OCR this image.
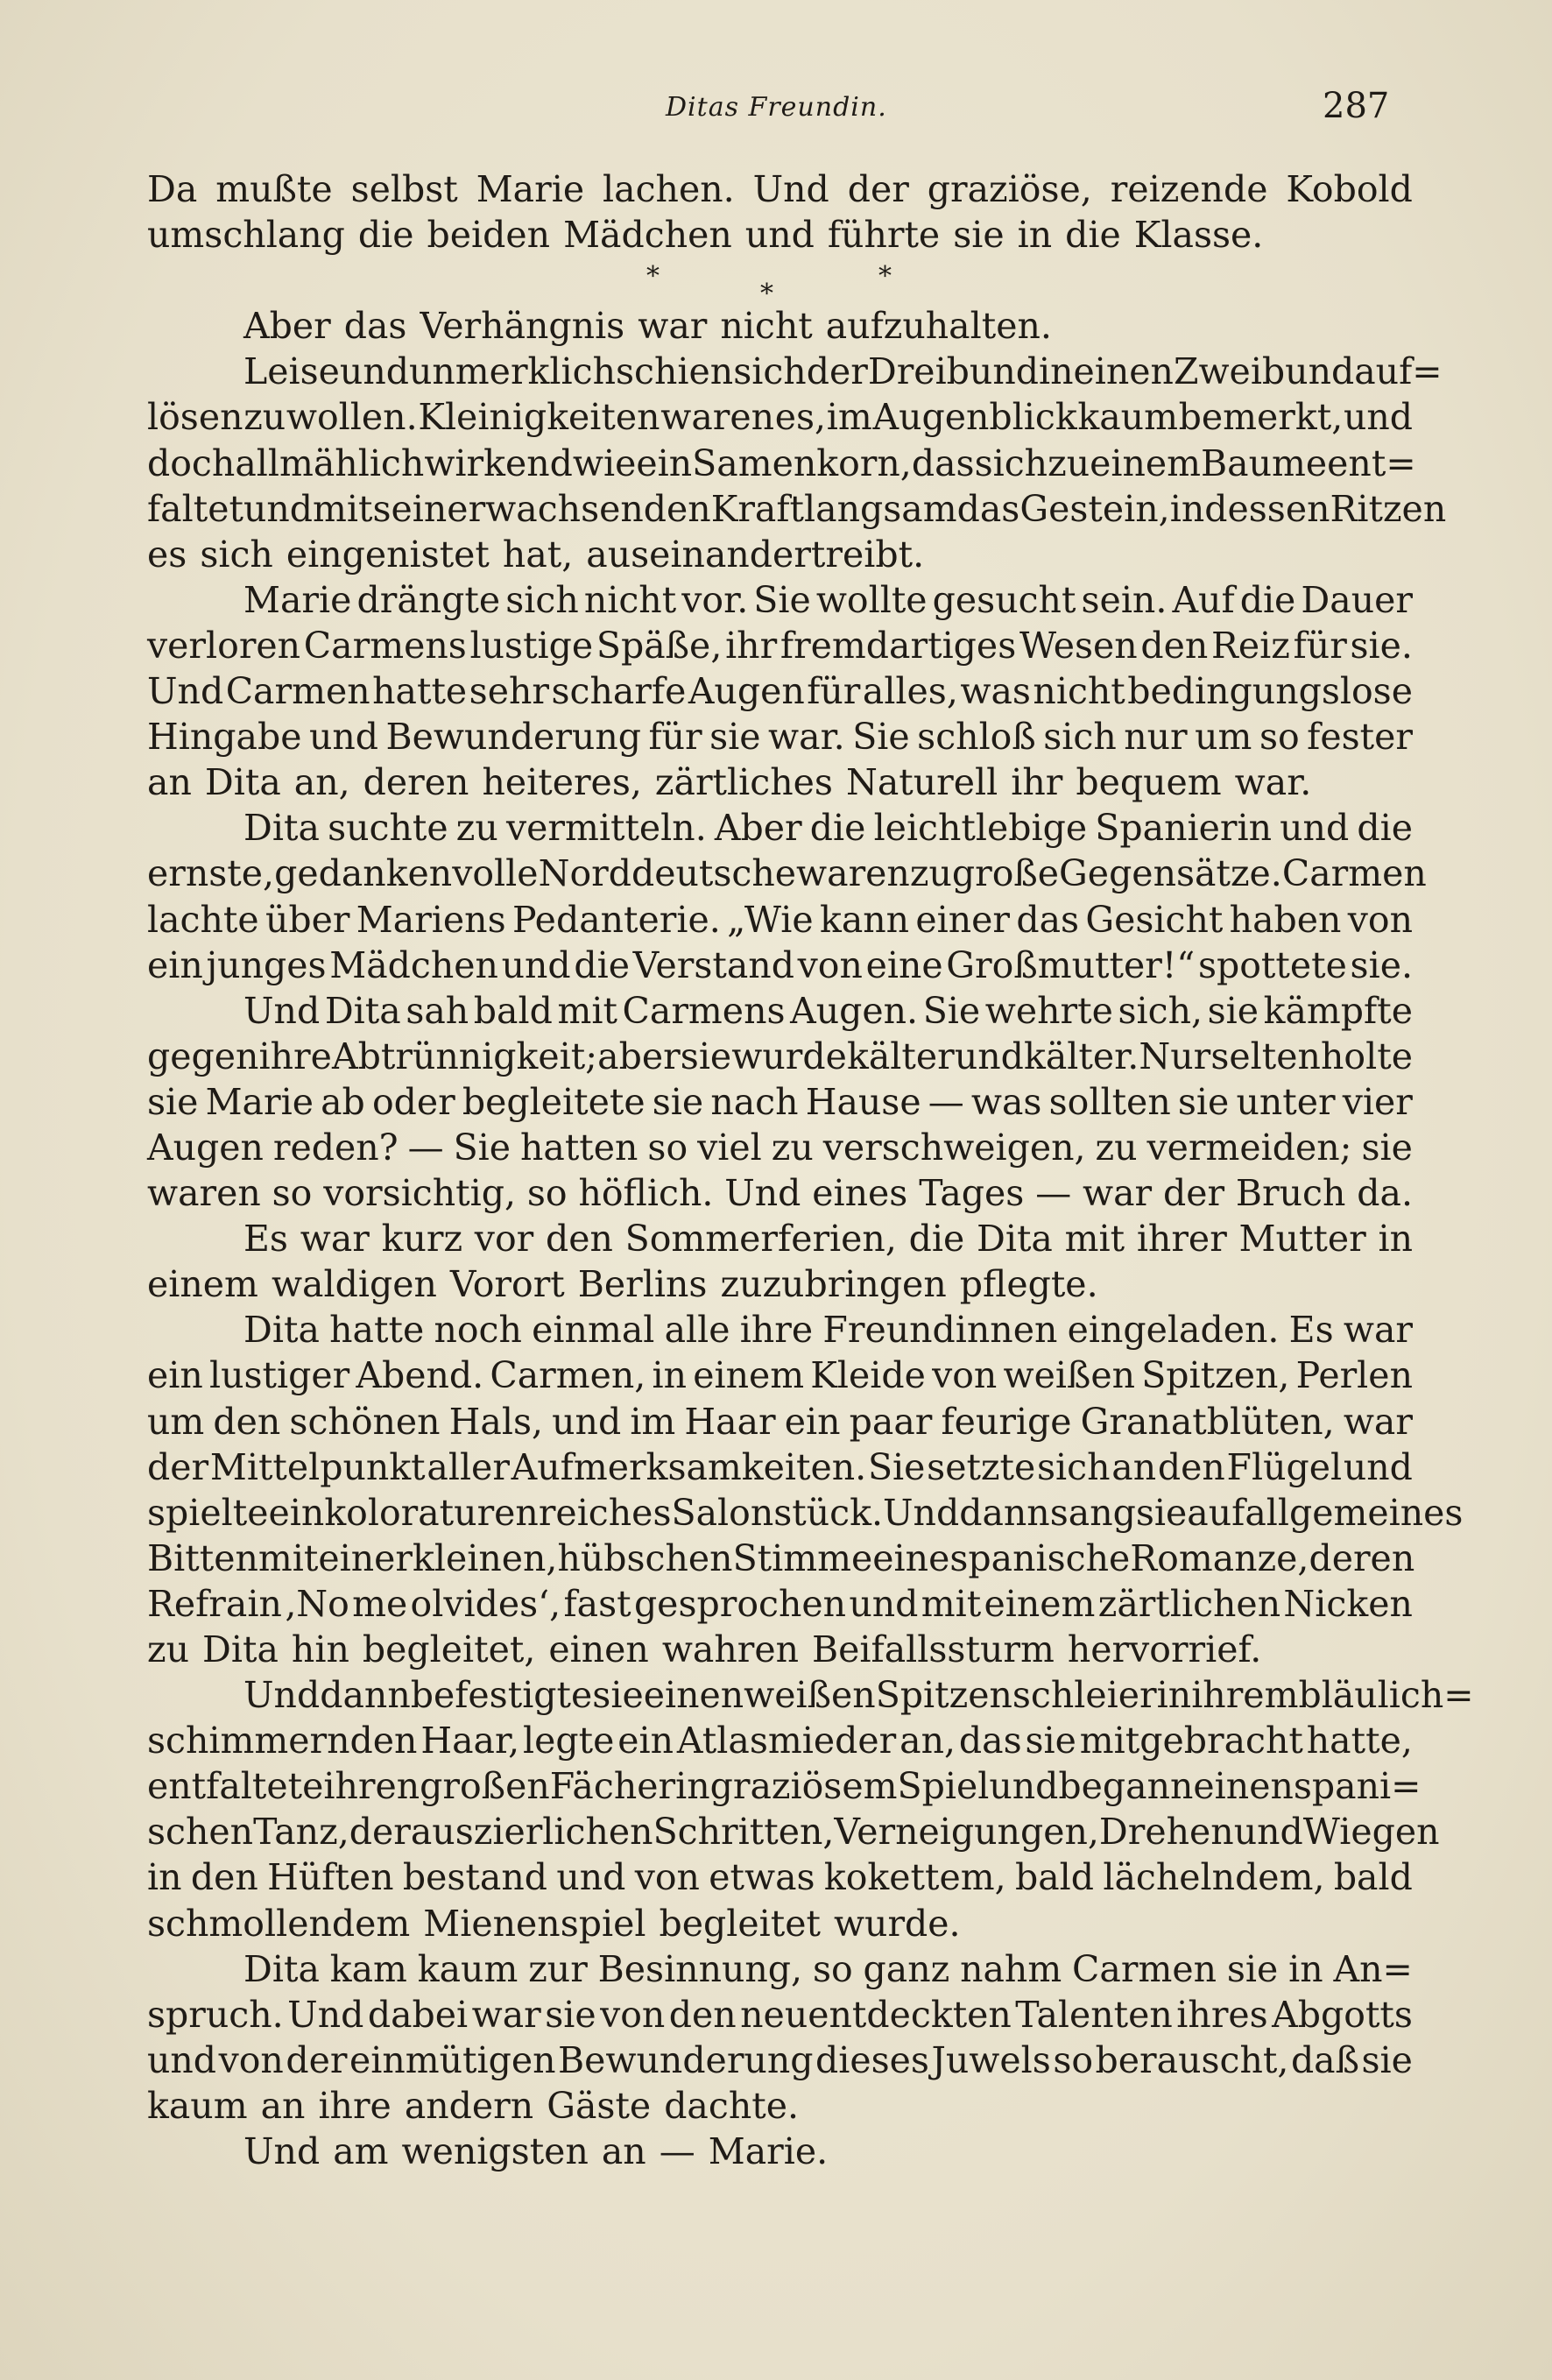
Ditas Freundin.	287
Da mußte selbst Marie lachen. Und der graziöse, reizende Kobold
umschlang die beiden Mädchen und führte sie in die Klasse.
*
*
*
Aber das Verhängnis war nicht aufzuhalten.
Leise und unmerklich schien sich der Dreibund in einen Zweibund auf=
lösen zu wollen. Kleinigkeiten waren es, im Augenblick kaum bemerkt, und
doch allmählich wirkend wie ein Samenkorn, das sich zu einem Baume ent=
faltet und mit seiner wachsenden Kraft langsam das Gestein, in dessen Ritzen
es sich eingenistet hat, auseinandertreibt.
Marie drängte sich nicht vor. Sie wollte gesucht sein. Auf die Dauer
verloren Carmens lustige Späße, ihr fremdartiges Wesen den Reiz für sie.
Und Carmen hatte sehr scharfe Augen für alles, was nicht bedingungslose
Hingabe und Bewunderung für sie war. Sie schloß sich nur um so fester
an Dita an, deren heiteres, zärtliches Naturell ihr bequem war.
Dita suchte zu vermitteln. Aber die leichtlebige Spanierin und die
ernste, gedankenvolle Norddeutsche waren zu große Gegensätze. Carmen
lachte über Mariens Pedanterie. „Wie kann einer das Gesicht haben von
ein junges Mädchen und die Verstand von eine Großmutter!“ spottete sie.
Und Dita sah bald mit Carmens Augen. Sie wehrte sich, sie kämpfte
gegen ihre Abtrünnigkeit; aber sie wurde kälter und kälter. Nur selten holte
sie Marie ab oder begleitete sie nach Hause — was sollten sie unter vier
Augen reden? — Sie hatten so viel zu verschweigen, zu vermeiden; sie
waren so vorsichtig, so höflich. Und eines Tages — war der Bruch da.
Es war kurz vor den Sommerferien, die Dita mit ihrer Mutter in
einem waldigen Vorort Berlins zuzubringen pflegte.
Dita hatte noch einmal alle ihre Freundinnen eingeladen. Es war
ein lustiger Abend. Carmen, in einem Kleide von weißen Spitzen, Perlen
um den schönen Hals, und im Haar ein paar feurige Granatblüten, war
der Mittelpunkt aller Aufmerksamkeiten. Sie setzte sich an den Flügel und
spielte ein koloraturenreiches Salonstück. Und dann sang sie auf allgemeines
Bitten mit einer kleinen, hübschen Stimme eine spanische Romanze, deren
Refrain ‚No me olvides‘, fast gesprochen und mit einem zärtlichen Nicken
zu Dita hin begleitet, einen wahren Beifallssturm hervorrief.
Und dann befestigte sie einen weißen Spitzenschleier in ihrem bläulich=
schimmernden Haar, legte ein Atlasmieder an, das sie mitgebracht hatte,
entfaltete ihren großen Fächer in graziösem Spiel und begann einen spani=
schen Tanz, der aus zierlichen Schritten, Verneigungen, Drehen und Wiegen
in den Hüften bestand und von etwas kokettem, bald lächelndem, bald
schmollendem Mienenspiel begleitet wurde.
Dita kam kaum zur Besinnung, so ganz nahm Carmen sie in An=
spruch. Und dabei war sie von den neuentdeckten Talenten ihres Abgotts
und von der einmütigen Bewunderung dieses Juwels so berauscht, daß sie
kaum an ihre andern Gäste dachte.
Und am wenigsten an — Marie.
